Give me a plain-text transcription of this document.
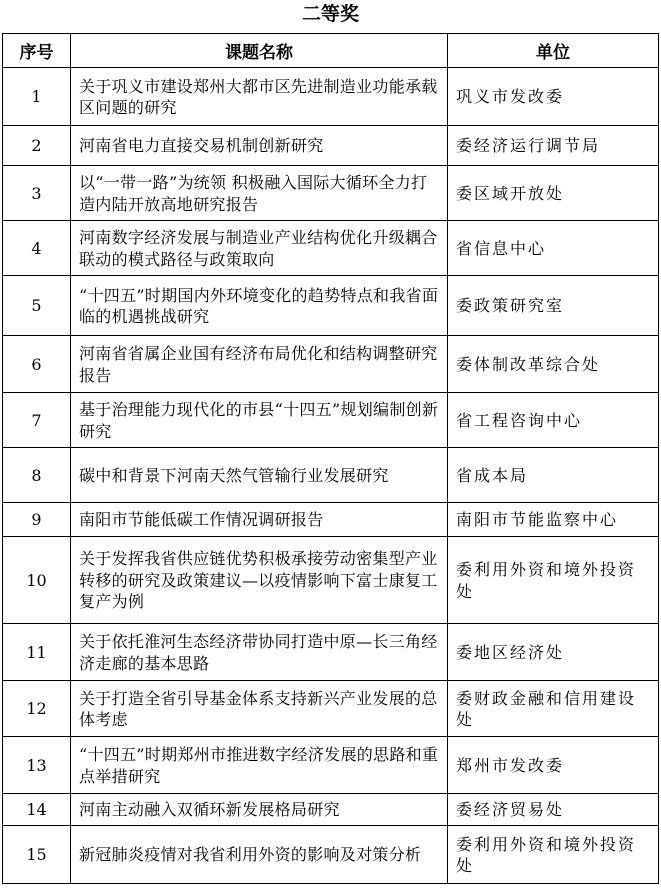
二等奖
序号	课题名称	单位
1	关于巩义市建设郑州大都市区先进制造业功能承载区问题的研究	巩义市发改委
2	河南省电力直接交易机制创新研究	委经济运行调节局
3	以“一带一路”为统领 积极融入国际大循环全力打造内陆开放高地研究报告	委区域开放处
4	河南数字经济发展与制造业产业结构优化升级耦合联动的模式路径与政策取向	省信息中心
5	“十四五”时期国内外环境变化的趋势特点和我省面临的机遇挑战研究	委政策研究室
6	河南省省属企业国有经济布局优化和结构调整研究报告	委体制改革综合处
7	基于治理能力现代化的市县“十四五”规划编制创新研究	省工程咨询中心
8	碳中和背景下河南天然气管输行业发展研究	省成本局
9	南阳市节能低碳工作情况调研报告	南阳市节能监察中心
10	关于发挥我省供应链优势积极承接劳动密集型产业转移的研究及政策建议—以疫情影响下富士康复工复产为例	委利用外资和境外投资处
11	关于依托淮河生态经济带协同打造中原—长三角经济走廊的基本思路	委地区经济处
12	关于打造全省引导基金体系支持新兴产业发展的总体考虑	委财政金融和信用建设处
13	“十四五”时期郑州市推进数字经济发展的思路和重点举措研究	郑州市发改委
14	河南主动融入双循环新发展格局研究	委经济贸易处
15	新冠肺炎疫情对我省利用外资的影响及对策分析	委利用外资和境外投资处
